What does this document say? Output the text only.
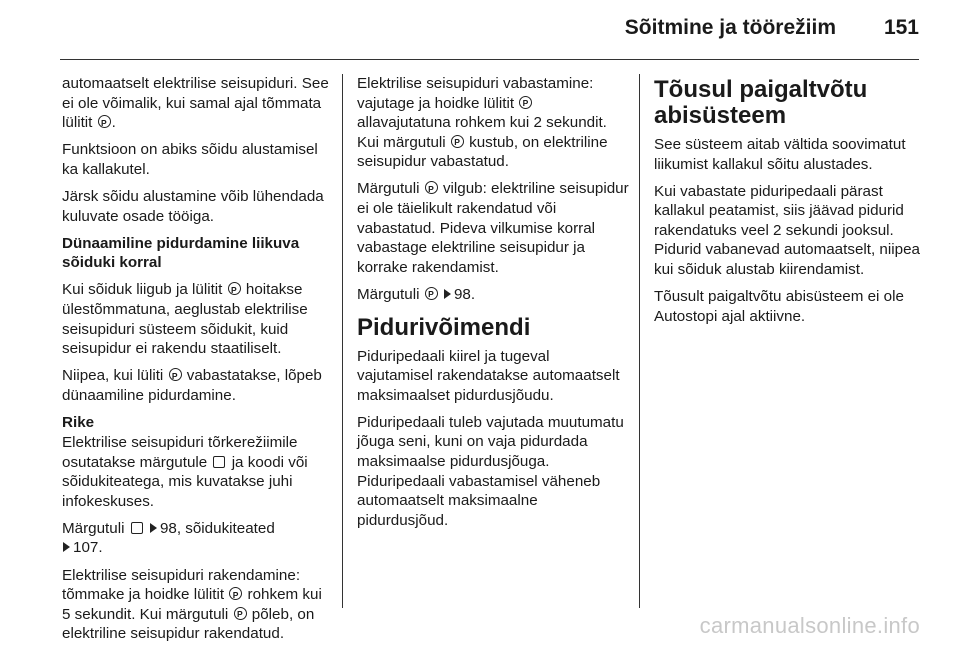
Sõitmine ja töörežiim 151

automaatselt elektrilise seisupiduri. See ei ole võimalik, kui samal ajal tõmmata lülitit P .

Funktsioon on abiks sõidu alustamisel ka kallakutel.

Järsk sõidu alustamine võib lühendada kuluvate osade tööiga.

Dünaamiline pidurdamine liikuva sõiduki korral

Kui sõiduk liigub ja lülitit P hoitakse ülestõmmatuna, aeglustab elektrilise seisupiduri süsteem sõidukit, kuid seisupidur ei rakendu staatiliselt.

Niipea, kui lüliti P vabastatakse, lõpeb dünaamiline pidurdamine.

Rike

Elektrilise seisupiduri tõrkerežiimile osutatakse märgutule ja koodi või sõidukiteatega, mis kuvatakse juhi infokeskuses.

Märgutuli 98, sõidukiteated
107.

Elektrilise seisupiduri rakendamine: tõmmake ja hoidke lülitit P rohkem kui 5 sekundit. Kui märgutuli P põleb, on elektriline seisupidur rakendatud.

Elektrilise seisupiduri vabastamine: vajutage ja hoidke lülitit P allavajutatuna rohkem kui 2 sekundit. Kui märgutuli P kustub, on elektriline seisupidur vabastatud.

Märgutuli P vilgub: elektriline seisupidur ei ole täielikult rakendatud või vabastatud. Pideva vilkumise korral vabastage elektriline seisupidur ja korrake rakendamist.

Märgutuli P 98.

Pidurivõimendi

Piduripedaali kiirel ja tugeval vajutamisel rakendatakse automaatselt maksimaalset pidurdusjõudu.

Piduripedaali tuleb vajutada muutumatu jõuga seni, kuni on vaja pidurdada maksimaalse pidurdusjõuga. Piduripedaali vabastamisel väheneb automaatselt maksimaalne pidurdusjõud.

Tõusul paigaltvõtu abisüsteem

See süsteem aitab vältida soovimatut liikumist kallakul sõitu alustades.

Kui vabastate piduripedaali pärast kallakul peatamist, siis jäävad pidurid rakendatuks veel 2 sekundi jooksul. Pidurid vabanevad automaatselt, niipea kui sõiduk alustab kiirendamist.

Tõusult paigaltvõtu abisüsteem ei ole Autostopi ajal aktiivne.

carmanualsonline.info
